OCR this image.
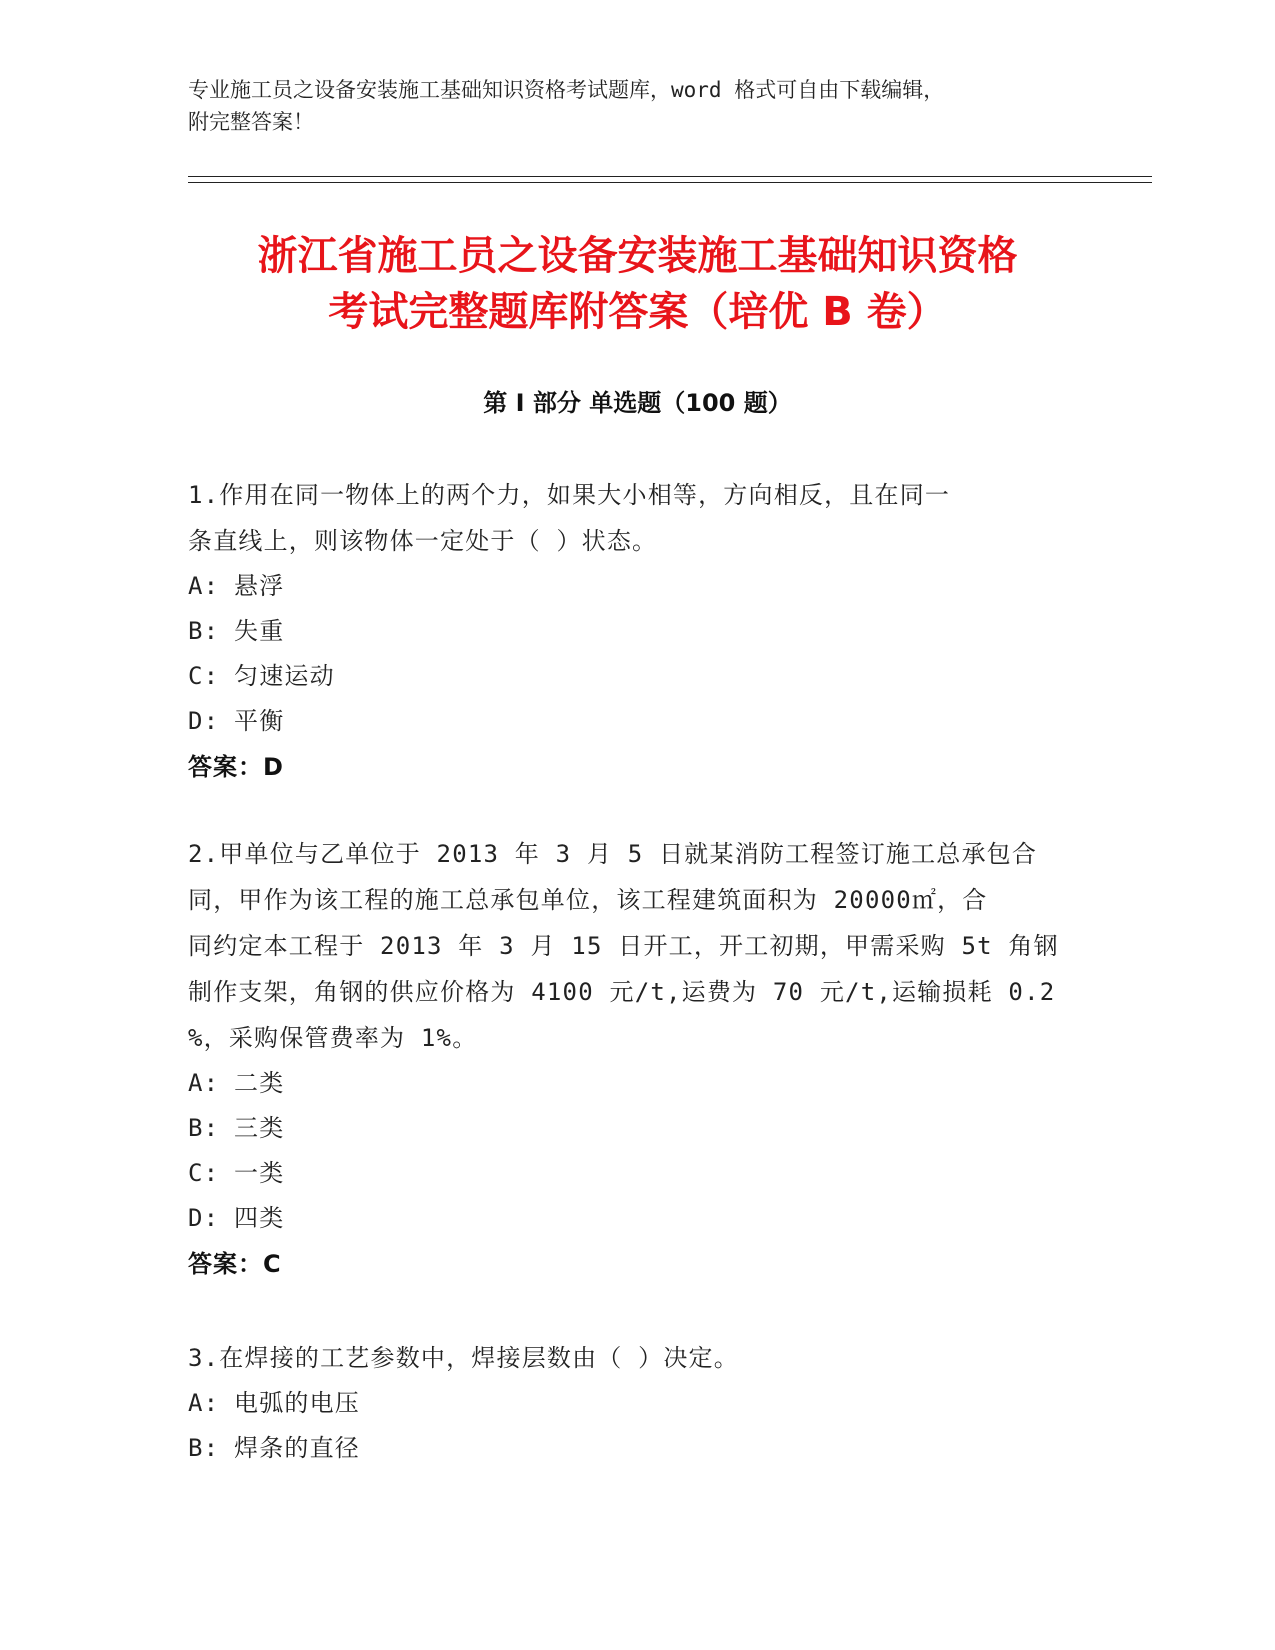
专业施工员之设备安装施工基础知识资格考试题库，word 格式可自由下载编辑，
附完整答案！
浙江省施工员之设备安装施工基础知识资格
考试完整题库附答案（培优 B 卷）
第 I 部分 单选题（100 题）
1.作用在同一物体上的两个力，如果大小相等，方向相反，且在同一
条直线上，则该物体一定处于（ ）状态。
A: 悬浮
B: 失重
C: 匀速运动
D: 平衡
答案：D
2.甲单位与乙单位于 2013 年 3 月 5 日就某消防工程签订施工总承包合
同，甲作为该工程的施工总承包单位，该工程建筑面积为 20000㎡，合
同约定本工程于 2013 年 3 月 15 日开工，开工初期，甲需采购 5t 角钢
制作支架，角钢的供应价格为 4100 元/t,运费为 70 元/t,运输损耗 0.2
%，采购保管费率为 1%。
A: 二类
B: 三类
C: 一类
D: 四类
答案：C
3.在焊接的工艺参数中，焊接层数由（ ）决定。
A: 电弧的电压
B: 焊条的直径
